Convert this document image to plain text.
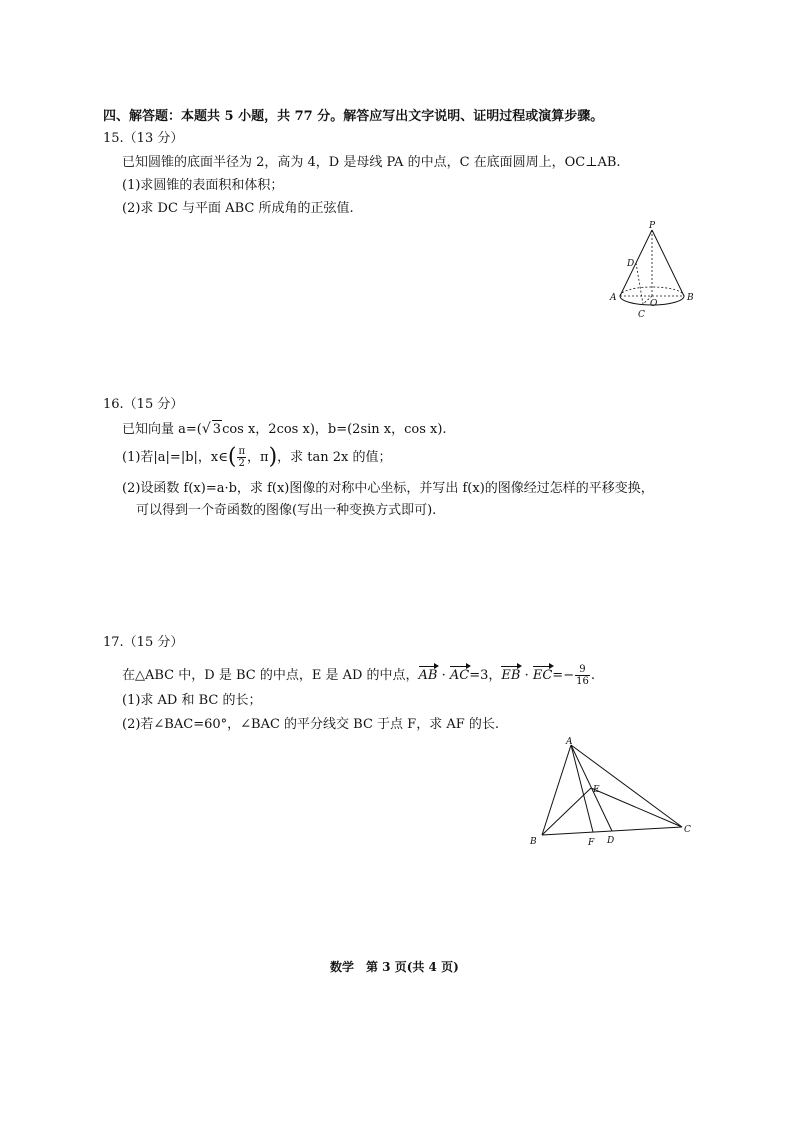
四、解答题：本题共 5 小题，共 77 分。解答应写出文字说明、证明过程或演算步骤。
15.（13 分）
已知圆锥的底面半径为 2，高为 4，D 是母线 PA 的中点，C 在底面圆周上，OC⊥AB.
(1)求圆锥的表面积和体积；
(2)求 DC 与平面 ABC 所成角的正弦值.
P
D
A
O
B
C
16.（15 分）
已知向量 a=(√ 3cos x，2cos x)，b=(2sin x，cos x).
(1)若|a|=|b|，x∈( $\frac{\pi}{2}$ ，π)，求 tan 2x 的值；
(2)设函数 f(x)=a·b，求 f(x)图像的对称中心坐标，并写出 f(x)的图像经过怎样的平移变换，
可以得到一个奇函数的图像(写出一种变换方式即可).
17.（15 分）
在△ABC 中，D 是 BC 的中点，E 是 AD 的中点，AB · AC=3，EB · $EC=- \frac{9}{16}$ .
(1)求 AD 和 BC 的长；
(2)若∠BAC=60°，∠BAC 的平分线交 BC 于点 F，求 AF 的长.
A
E
B	F D
C
数学　第 3 页(共 4 页)
